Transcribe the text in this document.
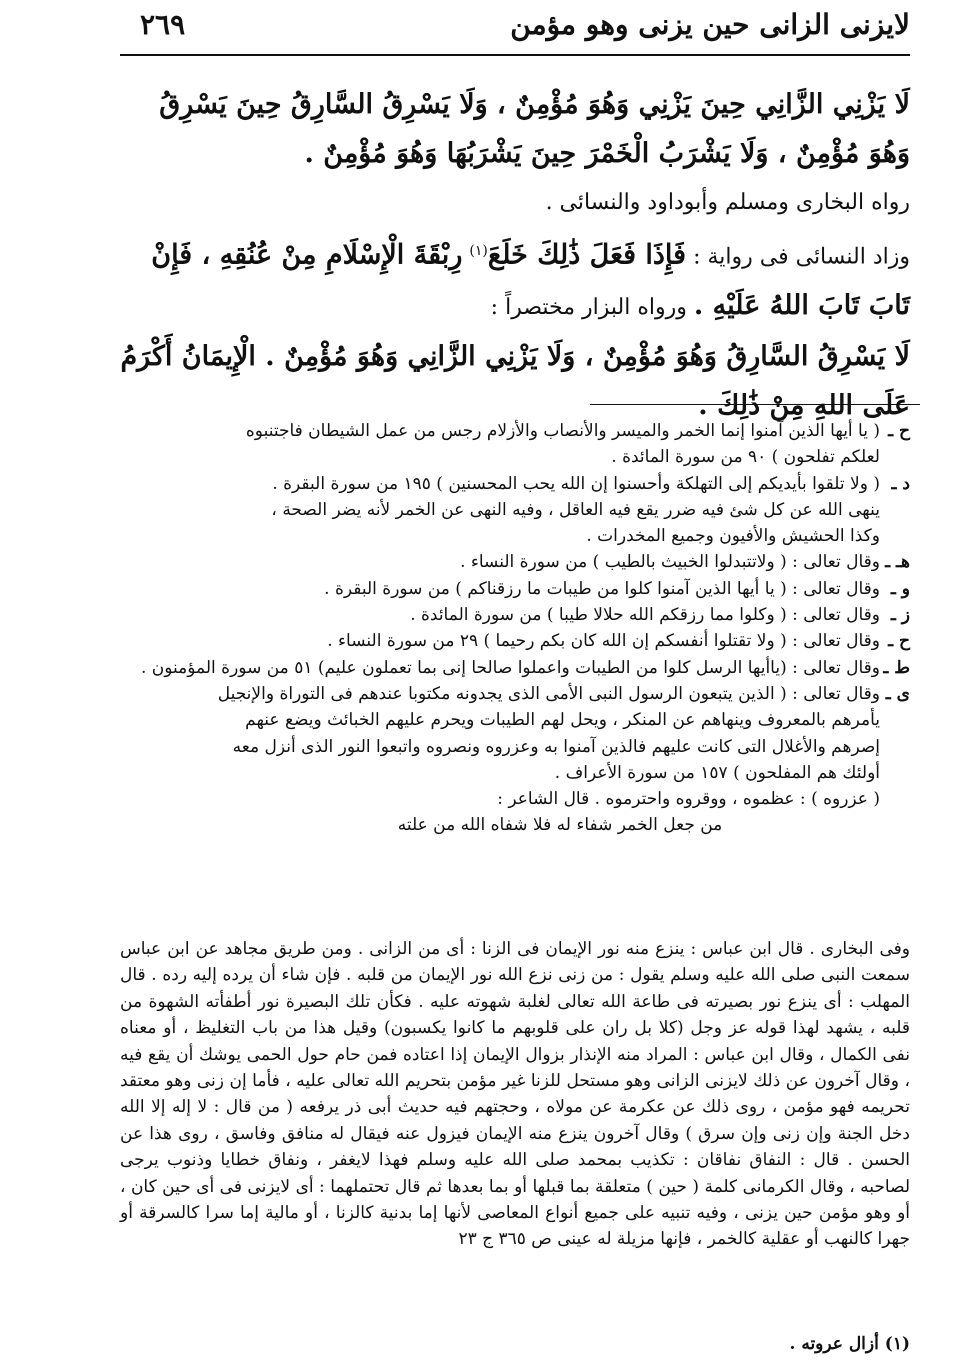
٢٦٩	لايزنى الزانى حين يزنى وهو مؤمن

لَا يَزْنِي الزَّانِي حِينَ يَزْنِي وَهُوَ مُؤْمِنٌ ، وَلَا يَسْرِقُ السَّارِقُ حِينَ يَسْرِقُ وَهُوَ مُؤْمِنٌ ، وَلَا يَشْرَبُ الْخَمْرَ حِينَ يَشْرَبُهَا وَهُوَ مُؤْمِنٌ .

رواه البخارى ومسلم وأبوداود والنسائى .

وزاد النسائى فى رواية : فَإِذَا فَعَلَ ذَٰلِكَ خَلَعَ$^{(١)}$ رِبْقَةَ الْإِسْلَامِ مِنْ عُنُقِهِ ، فَإِنْ تَابَ تَابَ اللهُ عَلَيْهِ . ورواه البزار مختصراً :

لَا يَسْرِقُ السَّارِقُ وَهُوَ مُؤْمِنٌ ، وَلَا يَزْنِي الزَّانِي وَهُوَ مُؤْمِنٌ . الْإِيمَانُ أَكْرَمُ عَلَى اللهِ مِنْ ذَٰلِكَ .

ح ـ
( يا أيها الذين آمنوا إنما الخمر والميسر والأنصاب والأزلام رجس من عمل الشيطان فاجتنبوه
لعلكم تفلحون ) ٩٠ من سورة المائدة .
د ـ
( ولا تلقوا بأيديكم إلى التهلكة وأحسنوا إن الله يحب المحسنين ) ١٩٥ من سورة البقرة .
ينهى الله عن كل شئ فيه ضرر يقع فيه العاقل ، وفيه النهى عن الخمر لأنه يضر الصحة ،
وكذا الحشيش والأفيون وجميع المخدرات .
هـ ـ
وقال تعالى : ( ولاتتبدلوا الخبيث بالطيب ) من سورة النساء .
و ـ
وقال تعالى : ( يا أيها الذين آمنوا كلوا من طيبات ما رزقناكم ) من سورة البقرة .
ز ـ
وقال تعالى : ( وكلوا مما رزقكم الله حلالا طيبا ) من سورة المائدة .
ح ـ
وقال تعالى : ( ولا تقتلوا أنفسكم إن الله كان بكم رحيما ) ٢٩ من سورة النساء .
ط ـ
وقال تعالى : (ياأيها الرسل كلوا من الطيبات واعملوا صالحا إنى بما تعملون عليم) ٥١ من سورة المؤمنون .
ى ـ
وقال تعالى : ( الذين يتبعون الرسول النبى الأمى الذى يجدونه مكتوبا عندهم فى التوراة والإنجيل
يأمرهم بالمعروف وينهاهم عن المنكر ، ويحل لهم الطيبات ويحرم عليهم الخبائث ويضع عنهم
إصرهم والأغلال التى كانت عليهم فالذين آمنوا به وعزروه ونصروه واتبعوا النور الذى أنزل معه
أولئك هم المفلحون ) ١٥٧ من سورة الأعراف .
( عزروه ) : عظموه ، ووقروه واحترموه . قال الشاعر :
من جعل الخمر شفاء له فلا شفاه الله من علته

وفى البخارى . قال ابن عباس : ينزع منه نور الإيمان فى الزنا : أى من الزانى . ومن طريق مجاهد عن ابن عباس سمعت النبى صلى الله عليه وسلم يقول : من زنى نزع الله نور الإيمان من قلبه . فإن شاء أن يرده إليه رده . قال المهلب : أى ينزع نور بصيرته فى طاعة الله تعالى لغلبة شهوته عليه . فكأن تلك البصيرة نور أطفأته الشهوة من قلبه ، يشهد لهذا قوله عز وجل (كلا بل ران على قلوبهم ما كانوا يكسبون) وقيل هذا من باب التغليظ ، أو معناه نفى الكمال ، وقال ابن عباس : المراد منه الإنذار بزوال الإيمان إذا اعتاده فمن حام حول الحمى يوشك أن يقع فيه ، وقال آخرون عن ذلك لايزنى الزانى وهو مستحل للزنا غير مؤمن بتحريم الله تعالى عليه ، فأما إن زنى وهو معتقد تحريمه فهو مؤمن ، روى ذلك عن عكرمة عن مولاه ، وحجتهم فيه حديث أبى ذر يرفعه ( من قال : لا إله إلا الله دخل الجنة وإن زنى وإن سرق ) وقال آخرون ينزع منه الإيمان فيزول عنه فيقال له منافق وفاسق ، روى هذا عن الحسن . قال : النفاق نفاقان : تكذيب بمحمد صلى الله عليه وسلم فهذا لايغفر ، ونفاق خطايا وذنوب يرجى لصاحبه ، وقال الكرمانى كلمة ( حين ) متعلقة بما قبلها أو بما بعدها ثم قال تحتملهما : أى لايزنى فى أى حين كان ، أو وهو مؤمن حين يزنى ، وفيه تنبيه على جميع أنواع المعاصى لأنها إما بدنية كالزنا ، أو مالية إما سرا كالسرقة أو جهرا كالنهب أو عقلية كالخمر ، فإنها مزيلة له عينى ص ٣٦٥ ج ٢٣

(١) أزال عروته .
